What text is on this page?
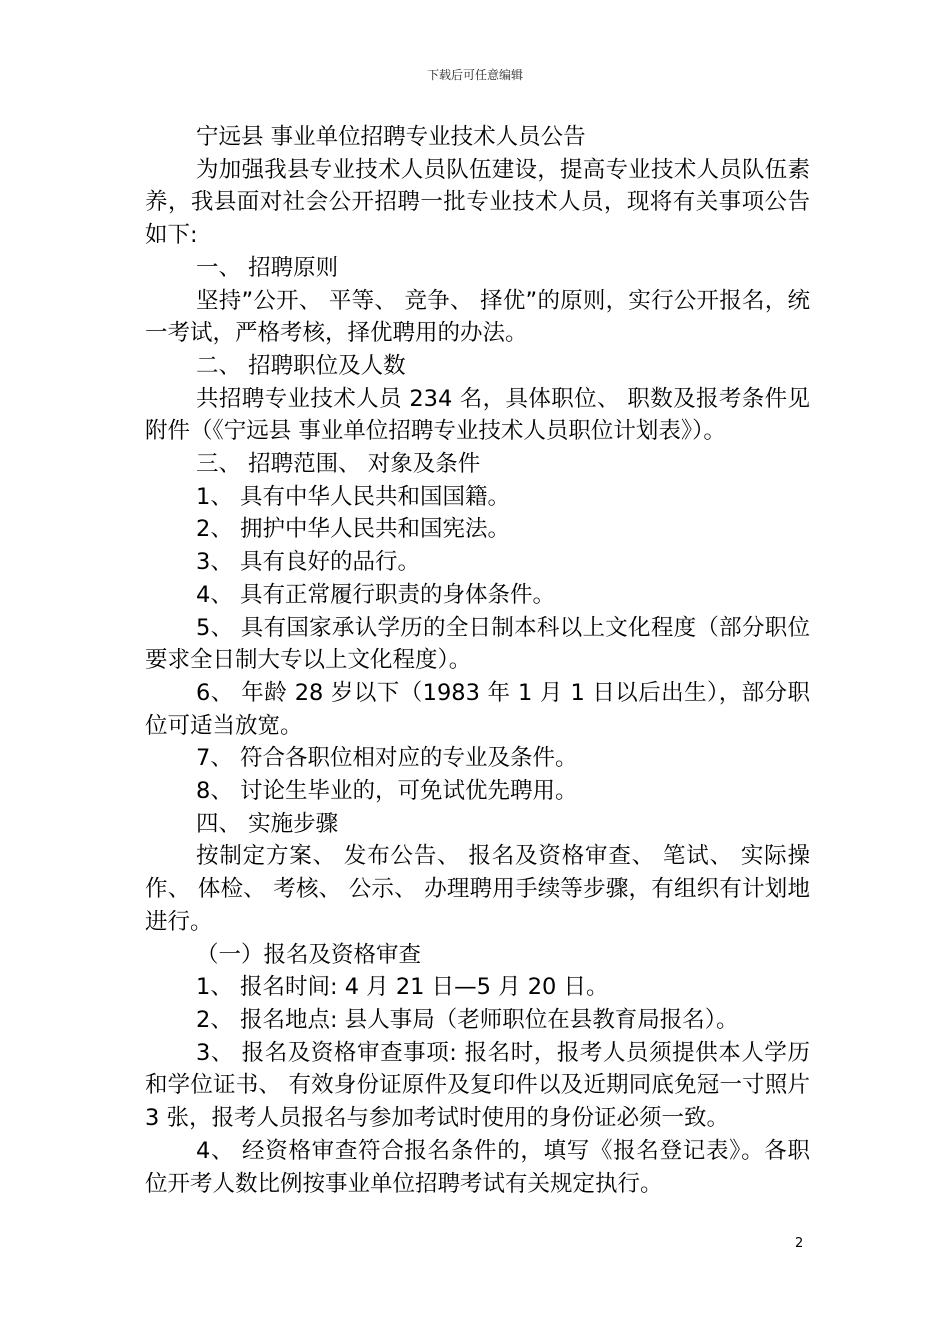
下载后可任意编辑

宁远县 事业单位招聘专业技术人员公告

为加强我县专业技术人员队伍建设，提高专业技术人员队伍素养，我县面对社会公开招聘一批专业技术人员，现将有关事项公告如下:

一、 招聘原则

坚持”公开、 平等、 竞争、 择优”的原则，实行公开报名，统一考试，严格考核，择优聘用的办法。

二、 招聘职位及人数

共招聘专业技术人员 234 名，具体职位、 职数及报考条件见附件（《宁远县 事业单位招聘专业技术人员职位计划表》）。

三、 招聘范围、 对象及条件

1、 具有中华人民共和国国籍。

2、 拥护中华人民共和国宪法。

3、 具有良好的品行。

4、 具有正常履行职责的身体条件。

5、 具有国家承认学历的全日制本科以上文化程度（部分职位要求全日制大专以上文化程度）。

6、 年龄 28 岁以下（1983 年 1 月 1 日以后出生），部分职位可适当放宽。

7、 符合各职位相对应的专业及条件。

8、 讨论生毕业的，可免试优先聘用。

四、 实施步骤

按制定方案、 发布公告、 报名及资格审查、 笔试、 实际操作、 体检、 考核、 公示、 办理聘用手续等步骤，有组织有计划地进行。

（一）报名及资格审查

1、 报名时间: 4 月 21 日—5 月 20 日。

2、 报名地点: 县人事局（老师职位在县教育局报名）。

3、 报名及资格审查事项: 报名时，报考人员须提供本人学历和学位证书、 有效身份证原件及复印件以及近期同底免冠一寸照片 3 张，报考人员报名与参加考试时使用的身份证必须一致。

4、 经资格审查符合报名条件的，填写《报名登记表》。各职位开考人数比例按事业单位招聘考试有关规定执行。

2
